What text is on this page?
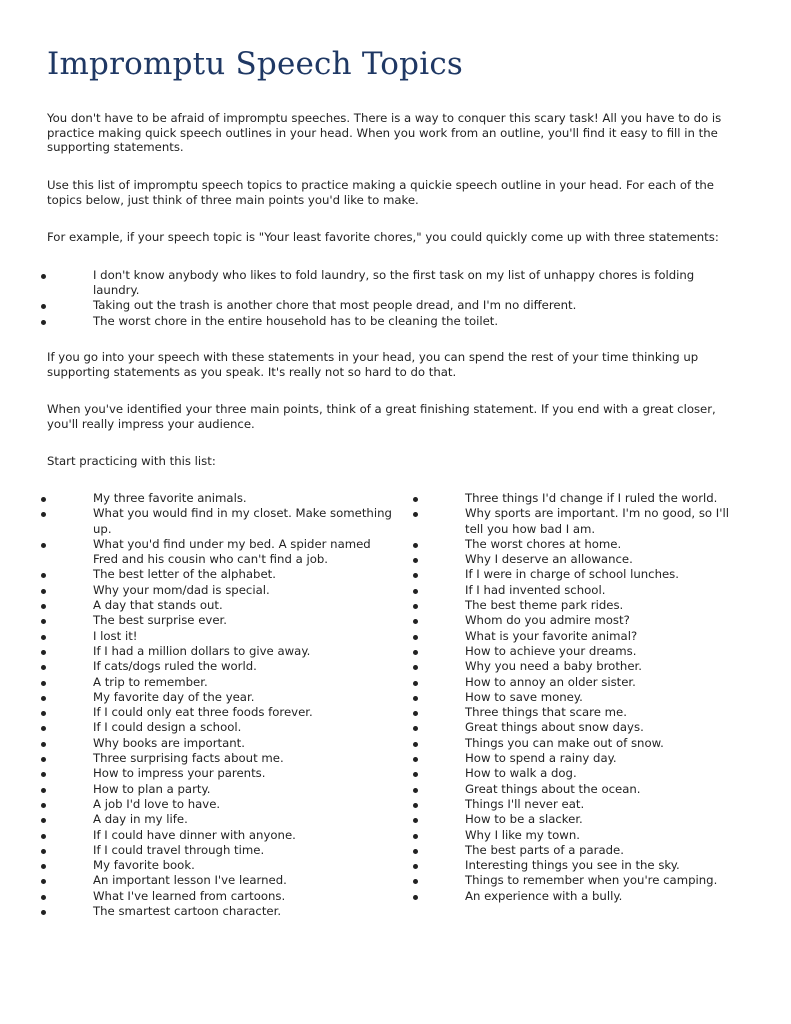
Impromptu Speech Topics

You don't have to be afraid of impromptu speeches. There is a way to conquer this scary task! All you have to do is practice making quick speech outlines in your head. When you work from an outline, you'll find it easy to fill in the supporting statements.

Use this list of impromptu speech topics to practice making a quickie speech outline in your head. For each of the topics below, just think of three main points you'd like to make.

For example, if your speech topic is "Your least favorite chores," you could quickly come up with three statements:

I don't know anybody who likes to fold laundry, so the first task on my list of unhappy chores is folding laundry.
Taking out the trash is another chore that most people dread, and I'm no different.
The worst chore in the entire household has to be cleaning the toilet.

If you go into your speech with these statements in your head, you can spend the rest of your time thinking up supporting statements as you speak. It's really not so hard to do that.

When you've identified your three main points, think of a great finishing statement. If you end with a great closer, you'll really impress your audience.

Start practicing with this list:

My three favorite animals.
What you would find in my closet. Make something up.
What you'd find under my bed. A spider named Fred and his cousin who can't find a job.
The best letter of the alphabet.
Why your mom/dad is special.
A day that stands out.
The best surprise ever.
I lost it!
If I had a million dollars to give away.
If cats/dogs ruled the world.
A trip to remember.
My favorite day of the year.
If I could only eat three foods forever.
If I could design a school.
Why books are important.
Three surprising facts about me.
How to impress your parents.
How to plan a party.
A job I'd love to have.
A day in my life.
If I could have dinner with anyone.
If I could travel through time.
My favorite book.
An important lesson I've learned.
What I've learned from cartoons.
The smartest cartoon character.
Three things I'd change if I ruled the world.
Why sports are important. I'm no good, so I'll tell you how bad I am.
The worst chores at home.
Why I deserve an allowance.
If I were in charge of school lunches.
If I had invented school.
The best theme park rides.
Whom do you admire most?
What is your favorite animal?
How to achieve your dreams.
Why you need a baby brother.
How to annoy an older sister.
How to save money.
Three things that scare me.
Great things about snow days.
Things you can make out of snow.
How to spend a rainy day.
How to walk a dog.
Great things about the ocean.
Things I'll never eat.
How to be a slacker.
Why I like my town.
The best parts of a parade.
Interesting things you see in the sky.
Things to remember when you're camping.
An experience with a bully.
